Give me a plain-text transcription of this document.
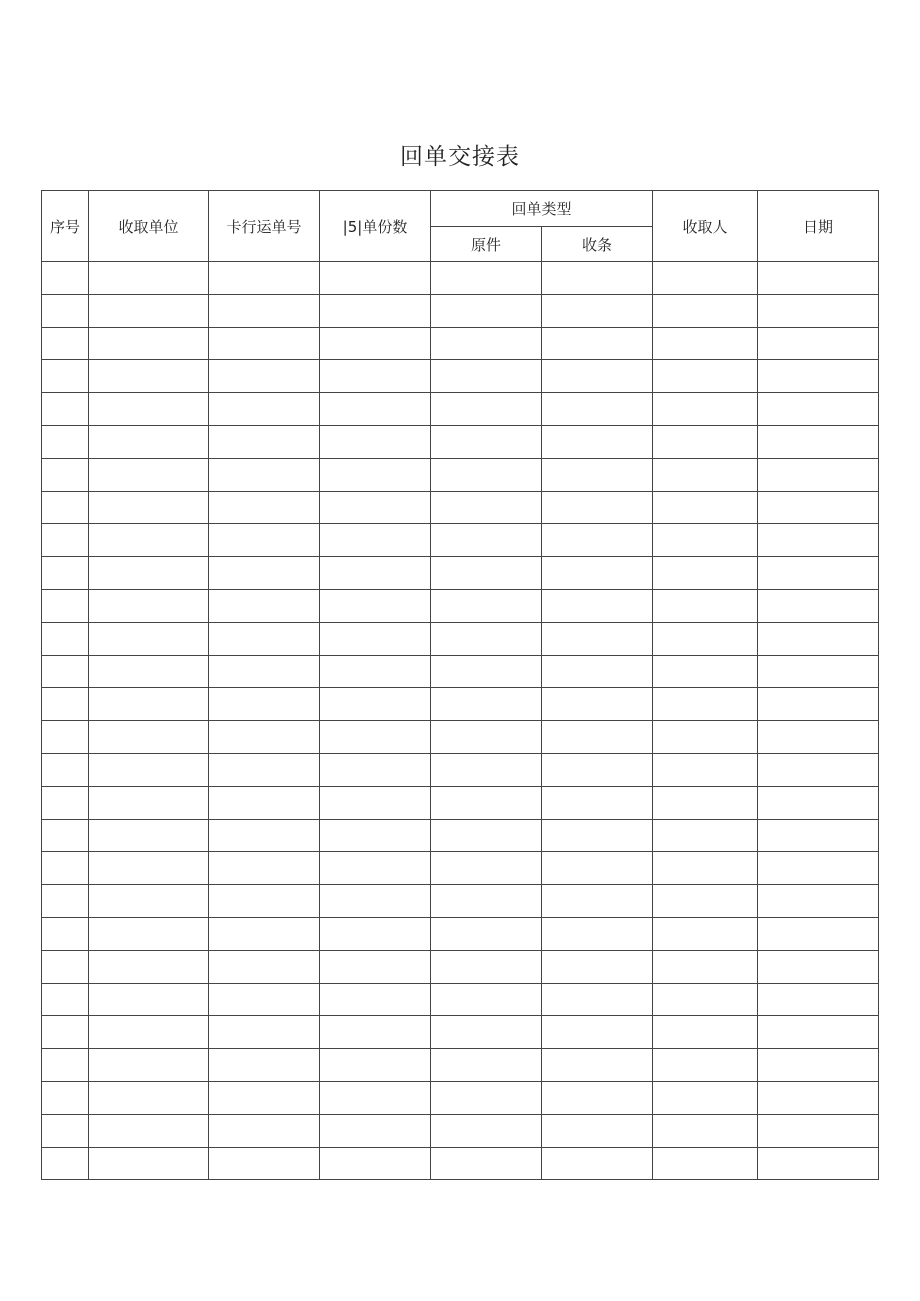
回单交接表
序号	收取单位	卡行运单号	|5|单份数	回单类型		收取人	日期
				原件	收条		
